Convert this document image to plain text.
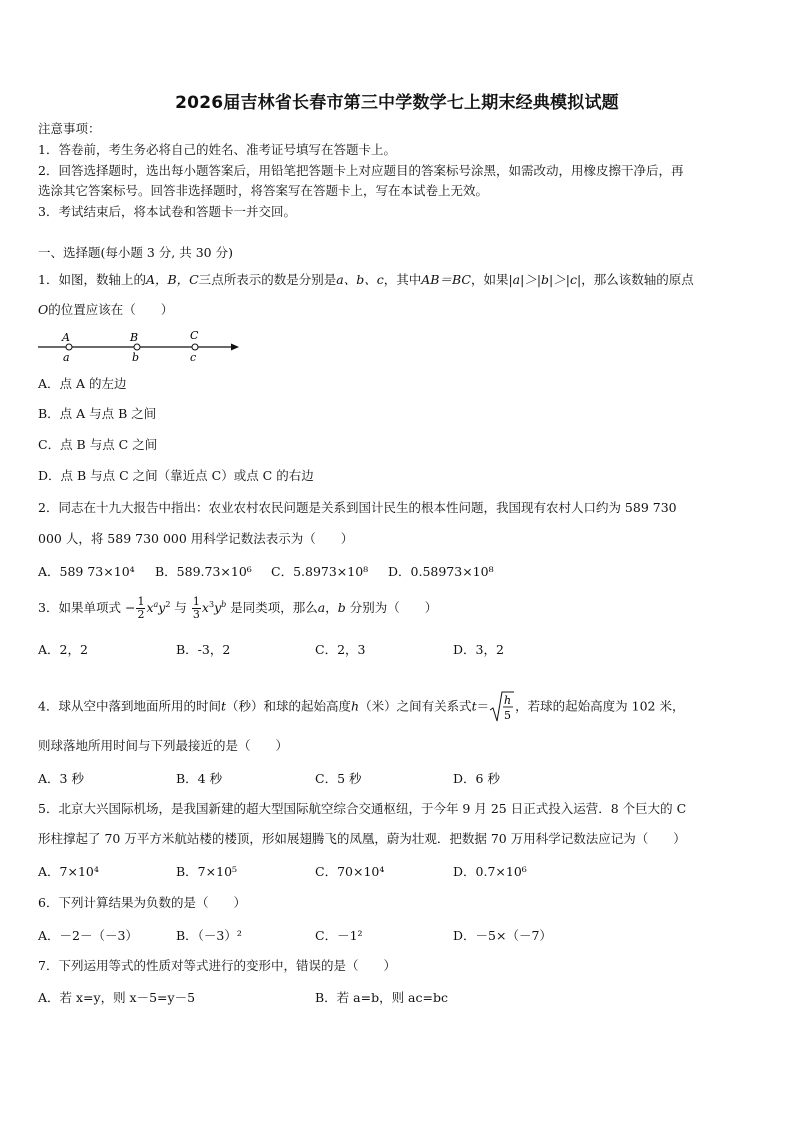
2026届吉林省长春市第三中学数学七上期末经典模拟试题
注意事项：
1．答卷前，考生务必将自己的姓名、准考证号填写在答题卡上。
2．回答选择题时，选出每小题答案后，用铅笔把答题卡上对应题目的答案标号涂黑，如需改动，用橡皮擦干净后，再
选涂其它答案标号。回答非选择题时，将答案写在答题卡上，写在本试卷上无效。
3．考试结束后，将本试卷和答题卡一并交回。
一、选择题(每小题 3 分, 共 30 分)
1．如图，数轴上的A，B，C三点所表示的数是分别是a、b、c，其中AB＝BC，如果|a|＞|b|＞|c|，那么该数轴的原点
O的位置应该在（　　）
A	B	C
a	b	c
A．点 A 的左边
B．点 A 与点 B 之间
C．点 B 与点 C 之间
D．点 B 与点 C 之间（靠近点 C）或点 C 的右边
2．同志在十九大报告中指出：农业农村农民问题是关系到国计民生的根本性问题，我国现有农村人口约为 589 730
000 人，将 589 730 000 用科学记数法表示为（　　）
A．589 73×10⁴ B．589.73×10⁶ C．5.8973×10⁸ D．0.58973×10⁸
3．如果单项式 − $\frac{1}{2} x^ay^2$ 与 $\frac{1}{3} x^3y^b$ 是同类项，那么a，b 分别为（　　）
A．2，2	B．-3，2	C．2，3	D．3，2
4．球从空中落到地面所用的时间t（秒）和球的起始高度h（米）之间有关系式t＝ h
5
，若球的起始高度为 102 米，
则球落地所用时间与下列最接近的是（　　）
A．3 秒	B．4 秒	C．5 秒	D．6 秒
5．北京大兴国际机场，是我国新建的超大型国际航空综合交通枢纽，于今年 9 月 25 日正式投入运营．8 个巨大的 C
形柱撑起了 70 万平方米航站楼的楼顶，形如展翅腾飞的凤凰，蔚为壮观．把数据 70 万用科学记数法应记为（　　）
A．7×10⁴	B．7×10⁵	C．70×10⁴	D．0.7×10⁶
6．下列计算结果为负数的是（　　）
A．－2－（－3）	B．（－3）²	C．－1²	D．－5×（－7）
7．下列运用等式的性质对等式进行的变形中，错误的是（　　）
A．若 x=y，则 x－5=y－5	B．若 a=b，则 ac=bc
